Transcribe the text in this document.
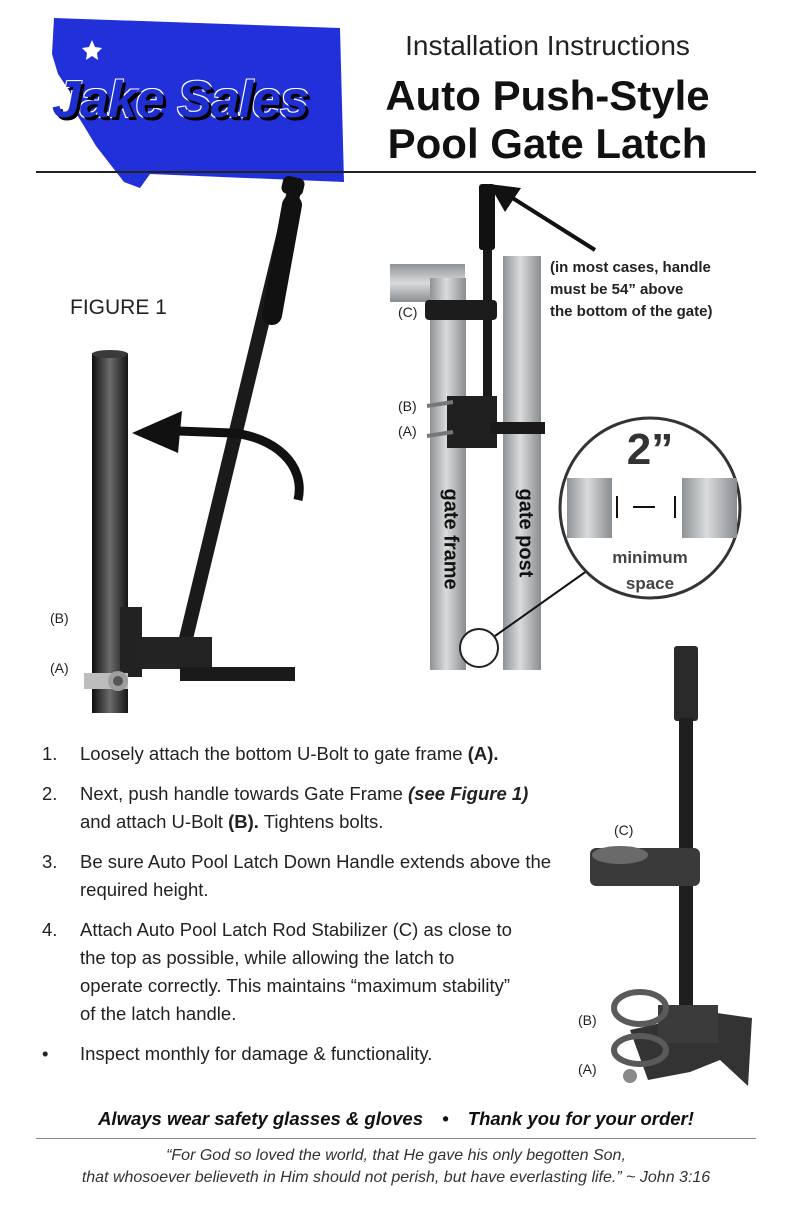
Jake Sales
Installation Instructions
Auto Push-Style
Pool Gate Latch
FIGURE 1
(B)
(A)
(C)
(B)
(A)
gate frame	gate post
(in most cases, handle
must be 54” above
the bottom of the gate)
2”
minimum
space
(C)
(B)
(A)
1.	Loosely attach the bottom U-Bolt to gate frame (A).
2.	Next, push handle towards Gate Frame (see Figure 1) and attach U-Bolt (B). Tightens bolts.
3.	Be sure Auto Pool Latch Down Handle extends above the required height.
4.	Attach Auto Pool Latch Rod Stabilizer (C) as close to the top as possible, while allowing the latch to operate correctly. This maintains “maximum stability” of the latch handle.
•	Inspect monthly for damage & functionality.
Always wear safety glasses & gloves • Thank you for your order!
“For God so loved the world, that He gave his only begotten Son,
that whosoever believeth in Him should not perish, but have everlasting life.” ~ John 3:16
